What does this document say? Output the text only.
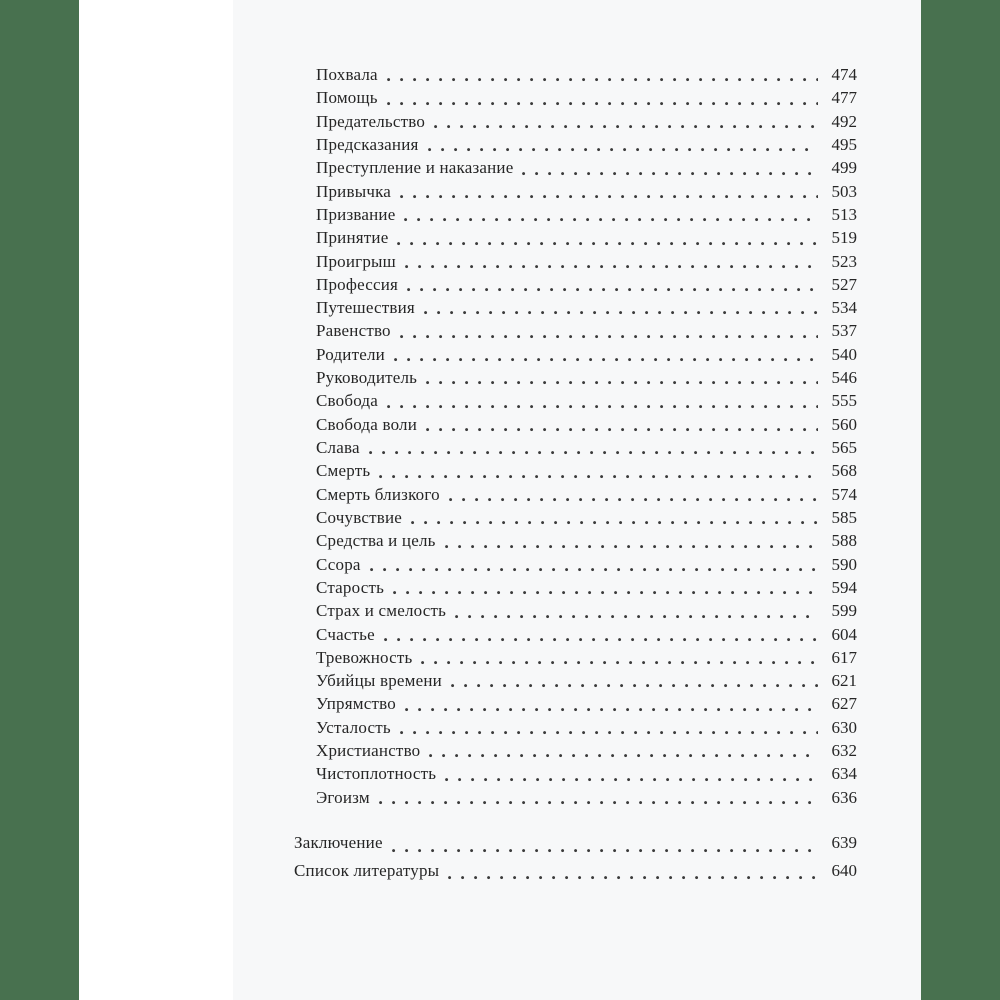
Похвала	474
Помощь	477
Предательство	492
Предсказания	495
Преступление и наказание	499
Привычка	503
Призвание	513
Принятие	519
Проигрыш	523
Профессия	527
Путешествия	534
Равенство	537
Родители	540
Руководитель	546
Свобода	555
Свобода воли	560
Слава	565
Смерть	568
Смерть близкого	574
Сочувствие	585
Средства и цель	588
Ссора	590
Старость	594
Страх и смелость	599
Счастье	604
Тревожность	617
Убийцы времени	621
Упрямство	627
Усталость	630
Христианство	632
Чистоплотность	634
Эгоизм	636
Заключение	639
Список литературы	640
